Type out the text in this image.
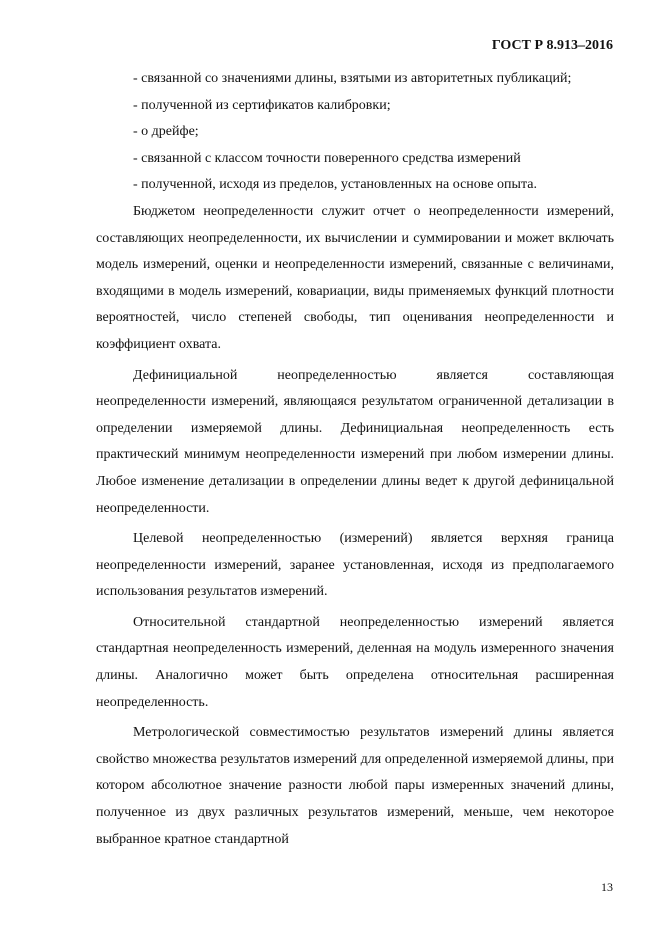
ГОСТ Р 8.913–2016

- связанной со значениями длины, взятыми из авторитетных публикаций;

- полученной из сертификатов калибровки;

- о дрейфе;

- связанной с классом точности поверенного средства измерений

- полученной, исходя из пределов, установленных на основе опыта.

Бюджетом неопределенности служит отчет о неопределенности измерений, составляющих неопределенности, их вычислении и суммировании и может включать модель измерений, оценки и неопределенности измерений, связанные с величинами, входящими в модель измерений, ковариации, виды применяемых функций плотности вероятностей, число степеней свободы, тип оценивания неопределенности и коэффициент охвата.

Дефинициальной неопределенностью является составляющая неопределенности измерений, являющаяся результатом ограниченной детализации в определении измеряемой длины. Дефинициальная неопределенность есть практический минимум неопределенности измерений при любом измерении длины. Любое изменение детализации в определении длины ведет к другой дефиницальной неопределенности.

Целевой неопределенностью (измерений) является верхняя граница неопределенности измерений, заранее установленная, исходя из предполагаемого использования результатов измерений.

Относительной стандартной неопределенностью измерений является стандартная неопределенность измерений, деленная на модуль измеренного значения длины. Аналогично может быть определена относительная расширенная неопределенность.

Метрологической совместимостью результатов измерений длины является свойство множества результатов измерений для определенной измеряемой длины, при котором абсолютное значение разности любой пары измеренных значений длины, полученное из двух различных результатов измерений, меньше, чем некоторое выбранное кратное стандартной

13
